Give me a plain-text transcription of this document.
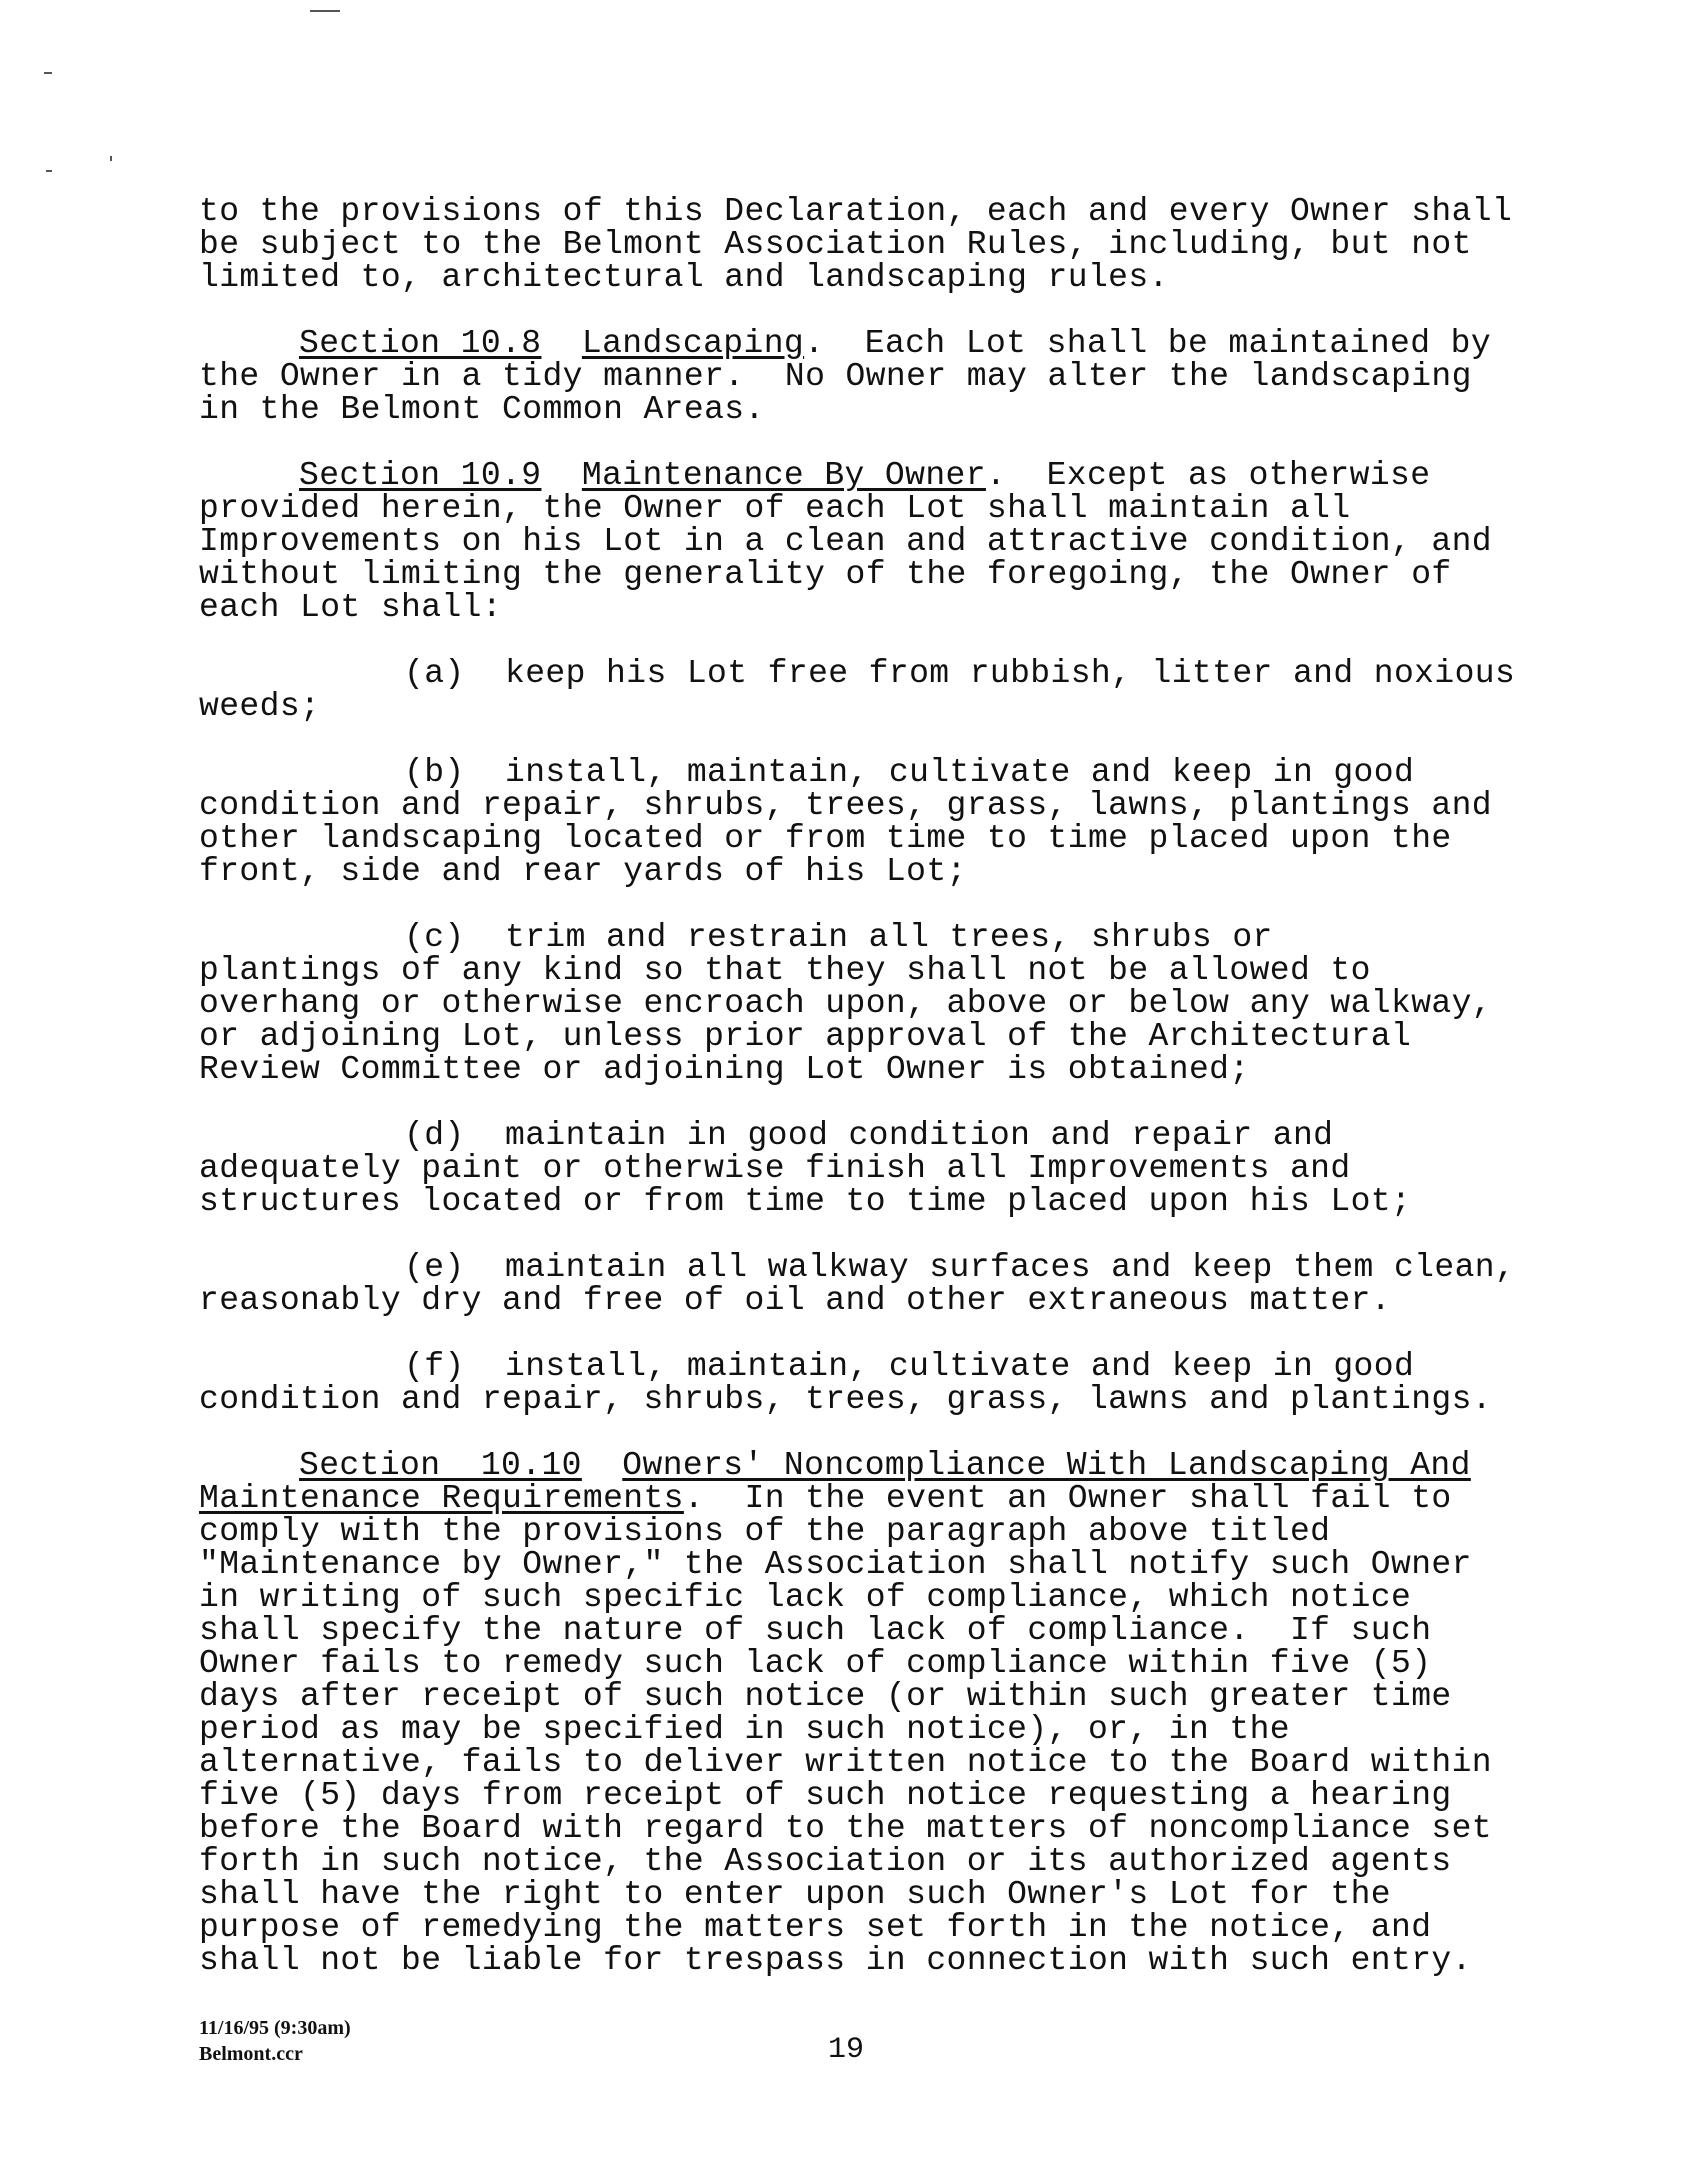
to the provisions of this Declaration, each and every Owner shall
be subject to the Belmont Association Rules, including, but not
limited to, architectural and landscaping rules.
Section 10.8 Landscaping.  Each Lot shall be maintained by
the Owner in a tidy manner.  No Owner may alter the landscaping
in the Belmont Common Areas.
Section 10.9 Maintenance By Owner.  Except as otherwise
provided herein, the Owner of each Lot shall maintain all
Improvements on his Lot in a clean and attractive condition, and
without limiting the generality of the foregoing, the Owner of
each Lot shall:
(a)  keep his Lot free from rubbish, litter and noxious
weeds;
(b)  install, maintain, cultivate and keep in good
condition and repair, shrubs, trees, grass, lawns, plantings and
other landscaping located or from time to time placed upon the
front, side and rear yards of his Lot;
(c)  trim and restrain all trees, shrubs or
plantings of any kind so that they shall not be allowed to
overhang or otherwise encroach upon, above or below any walkway,
or adjoining Lot, unless prior approval of the Architectural
Review Committee or adjoining Lot Owner is obtained;
(d)  maintain in good condition and repair and
adequately paint or otherwise finish all Improvements and
structures located or from time to time placed upon his Lot;
(e)  maintain all walkway surfaces and keep them clean,
reasonably dry and free of oil and other extraneous matter.
(f)  install, maintain, cultivate and keep in good
condition and repair, shrubs, trees, grass, lawns and plantings.
Section  10.10 Owners' Noncompliance With Landscaping And
Maintenance Requirements.  In the event an Owner shall fail to
comply with the provisions of the paragraph above titled
"Maintenance by Owner," the Association shall notify such Owner
in writing of such specific lack of compliance, which notice
shall specify the nature of such lack of compliance.  If such
Owner fails to remedy such lack of compliance within five (5)
days after receipt of such notice (or within such greater time
period as may be specified in such notice), or, in the
alternative, fails to deliver written notice to the Board within
five (5) days from receipt of such notice requesting a hearing
before the Board with regard to the matters of noncompliance set
forth in such notice, the Association or its authorized agents
shall have the right to enter upon such Owner's Lot for the
purpose of remedying the matters set forth in the notice, and
shall not be liable for trespass in connection with such entry.
11/16/95 (9:30am)
Belmont.ccr	19
